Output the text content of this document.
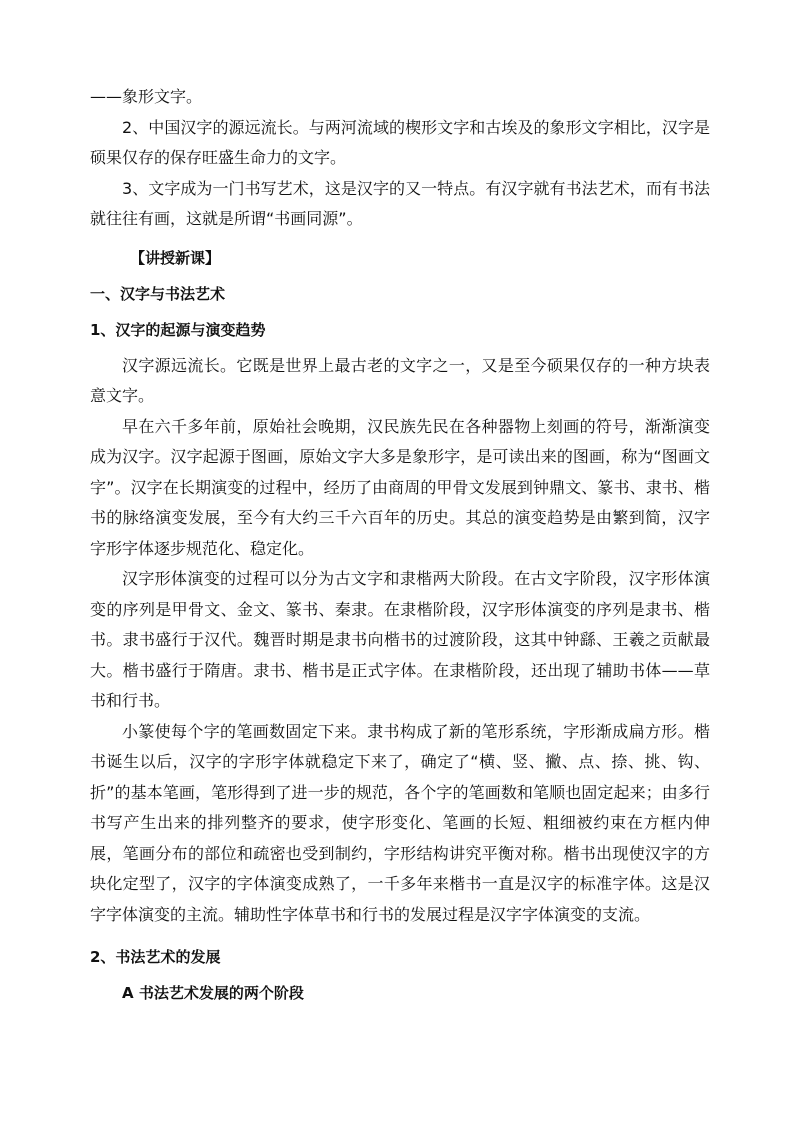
——象形文字。

2、中国汉字的源远流长。与两河流域的楔形文字和古埃及的象形文字相比，汉字是硕果仅存的保存旺盛生命力的文字。

3、文字成为一门书写艺术，这是汉字的又一特点。有汉字就有书法艺术，而有书法就往往有画，这就是所谓“书画同源”。

【讲授新课】

一、汉字与书法艺术

1、汉字的起源与演变趋势

汉字源远流长。它既是世界上最古老的文字之一，又是至今硕果仅存的一种方块表意文字。

早在六千多年前，原始社会晚期，汉民族先民在各种器物上刻画的符号，渐渐演变成为汉字。汉字起源于图画，原始文字大多是象形字，是可读出来的图画，称为“图画文字”。汉字在长期演变的过程中，经历了由商周的甲骨文发展到钟鼎文、篆书、隶书、楷书的脉络演变发展，至今有大约三千六百年的历史。其总的演变趋势是由繁到简，汉字字形字体逐步规范化、稳定化。

汉字形体演变的过程可以分为古文字和隶楷两大阶段。在古文字阶段，汉字形体演变的序列是甲骨文、金文、篆书、秦隶。在隶楷阶段，汉字形体演变的序列是隶书、楷书。隶书盛行于汉代。魏晋时期是隶书向楷书的过渡阶段，这其中钟繇、王羲之贡献最大。楷书盛行于隋唐。隶书、楷书是正式字体。在隶楷阶段，还出现了辅助书体——草书和行书。

小篆使每个字的笔画数固定下来。隶书构成了新的笔形系统，字形渐成扁方形。楷书诞生以后，汉字的字形字体就稳定下来了，确定了“横、竖、撇、点、捺、挑、钩、折”的基本笔画，笔形得到了进一步的规范，各个字的笔画数和笔顺也固定起来；由多行书写产生出来的排列整齐的要求，使字形变化、笔画的长短、粗细被约束在方框内伸展，笔画分布的部位和疏密也受到制约，字形结构讲究平衡对称。楷书出现使汉字的方块化定型了，汉字的字体演变成熟了，一千多年来楷书一直是汉字的标准字体。这是汉字字体演变的主流。辅助性字体草书和行书的发展过程是汉字字体演变的支流。

2、书法艺术的发展

A 书法艺术发展的两个阶段
